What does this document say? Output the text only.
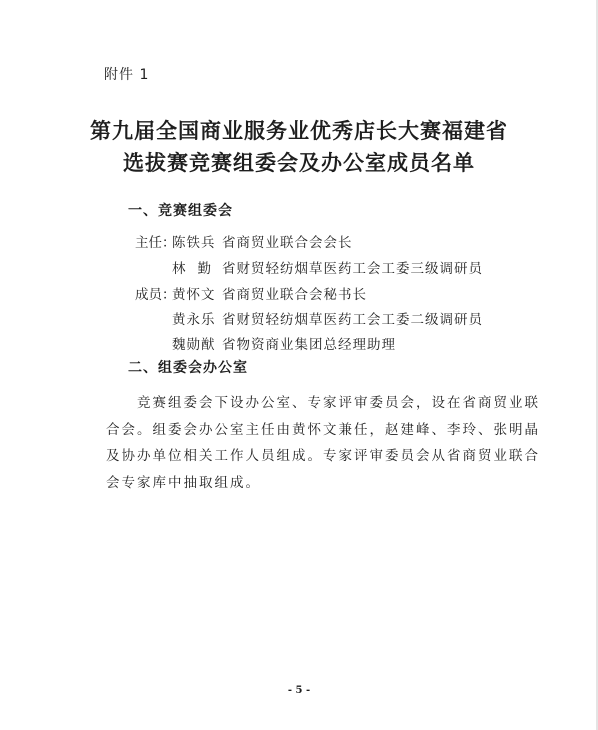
附件 1
第九届全国商业服务业优秀店长大赛福建省
选拔赛竞赛组委会及办公室成员名单
一、竞赛组委会
主任：陈铁兵 省商贸业联合会会长
林勤省财贸轻纺烟草医药工会工委三级调研员
成员：黄怀文 省商贸业联合会秘书长
黄永乐 省财贸轻纺烟草医药工会工委二级调研员
魏勋猷 省物资商业集团总经理助理
二、组委会办公室
　　竞赛组委会下设办公室、专家评审委员会，设在省商贸业联
合会。组委会办公室主任由黄怀文兼任，赵建峰、李玲、张明晶
及协办单位相关工作人员组成。专家评审委员会从省商贸业联合
会专家库中抽取组成。
- 5 -
